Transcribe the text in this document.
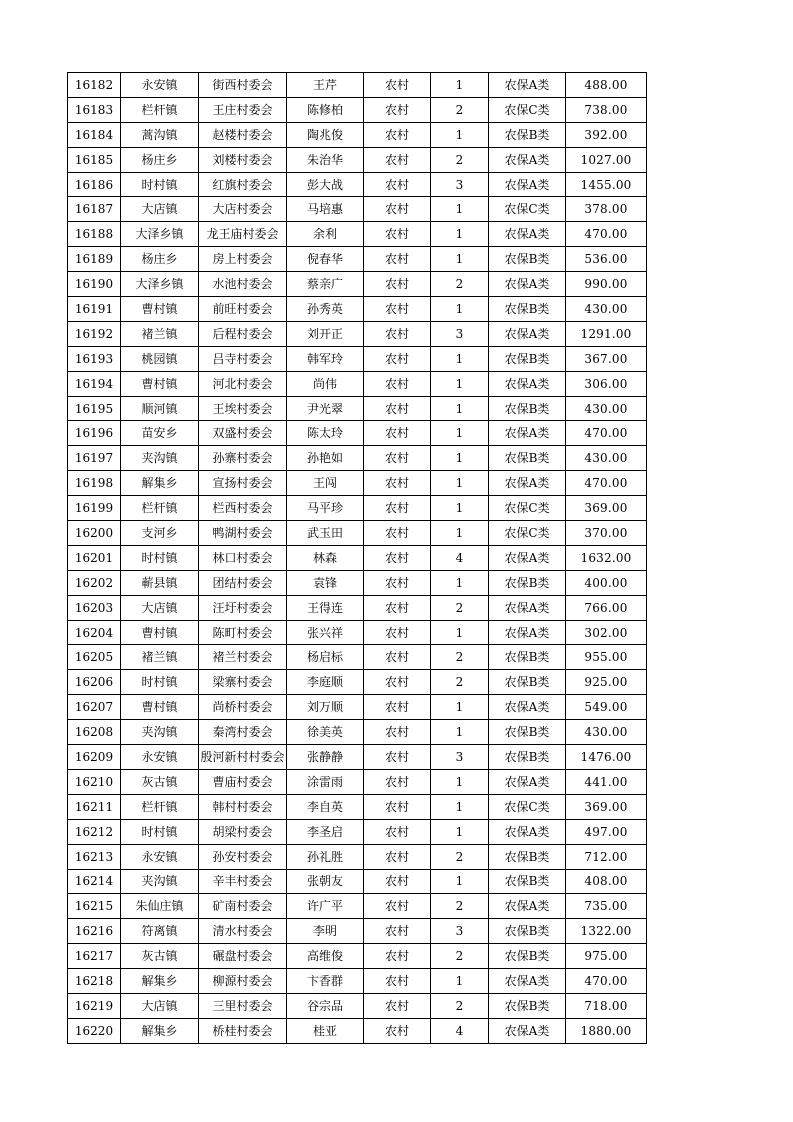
16182	永安镇	街西村委会	王芹	农村	1	农保A类	488.00
16183	栏杆镇	王庄村委会	陈修柏	农村	2	农保C类	738.00
16184	蒿沟镇	赵楼村委会	陶兆俊	农村	1	农保B类	392.00
16185	杨庄乡	刘楼村委会	朱治华	农村	2	农保A类	1027.00
16186	时村镇	红旗村委会	彭大战	农村	3	农保A类	1455.00
16187	大店镇	大店村委会	马培惠	农村	1	农保C类	378.00
16188	大泽乡镇	龙王庙村委会	余利	农村	1	农保A类	470.00
16189	杨庄乡	房上村委会	倪春华	农村	1	农保B类	536.00
16190	大泽乡镇	水池村委会	蔡亲广	农村	2	农保A类	990.00
16191	曹村镇	前旺村委会	孙秀英	农村	1	农保B类	430.00
16192	褚兰镇	后程村委会	刘开正	农村	3	农保A类	1291.00
16193	桃园镇	吕寺村委会	韩军玲	农村	1	农保B类	367.00
16194	曹村镇	河北村委会	尚伟	农村	1	农保A类	306.00
16195	顺河镇	王埃村委会	尹光翠	农村	1	农保B类	430.00
16196	苗安乡	双盛村委会	陈太玲	农村	1	农保A类	470.00
16197	夹沟镇	孙寨村委会	孙艳如	农村	1	农保B类	430.00
16198	解集乡	宣扬村委会	王闯	农村	1	农保A类	470.00
16199	栏杆镇	栏西村委会	马平珍	农村	1	农保C类	369.00
16200	支河乡	鸭湖村委会	武玉田	农村	1	农保C类	370.00
16201	时村镇	林口村委会	林森	农村	4	农保A类	1632.00
16202	蕲县镇	团结村委会	袁锋	农村	1	农保B类	400.00
16203	大店镇	汪圩村委会	王得连	农村	2	农保A类	766.00
16204	曹村镇	陈町村委会	张兴祥	农村	1	农保A类	302.00
16205	褚兰镇	褚兰村委会	杨启标	农村	2	农保B类	955.00
16206	时村镇	梁寨村委会	李庭顺	农村	2	农保B类	925.00
16207	曹村镇	尚桥村委会	刘万顺	农村	1	农保A类	549.00
16208	夹沟镇	秦湾村委会	徐美英	农村	1	农保B类	430.00
16209	永安镇	殷河新村村委会	张静静	农村	3	农保B类	1476.00
16210	灰古镇	曹庙村委会	涂雷雨	农村	1	农保A类	441.00
16211	栏杆镇	韩村村委会	李自英	农村	1	农保C类	369.00
16212	时村镇	胡梁村委会	李圣启	农村	1	农保A类	497.00
16213	永安镇	孙安村委会	孙礼胜	农村	2	农保B类	712.00
16214	夹沟镇	辛丰村委会	张朝友	农村	1	农保B类	408.00
16215	朱仙庄镇	矿南村委会	许广平	农村	2	农保A类	735.00
16216	符离镇	清水村委会	李明	农村	3	农保B类	1322.00
16217	灰古镇	碾盘村委会	高维俊	农村	2	农保B类	975.00
16218	解集乡	柳源村委会	卞香群	农村	1	农保A类	470.00
16219	大店镇	三里村委会	谷宗品	农村	2	农保B类	718.00
16220	解集乡	桥桂村委会	桂亚	农村	4	农保A类	1880.00
